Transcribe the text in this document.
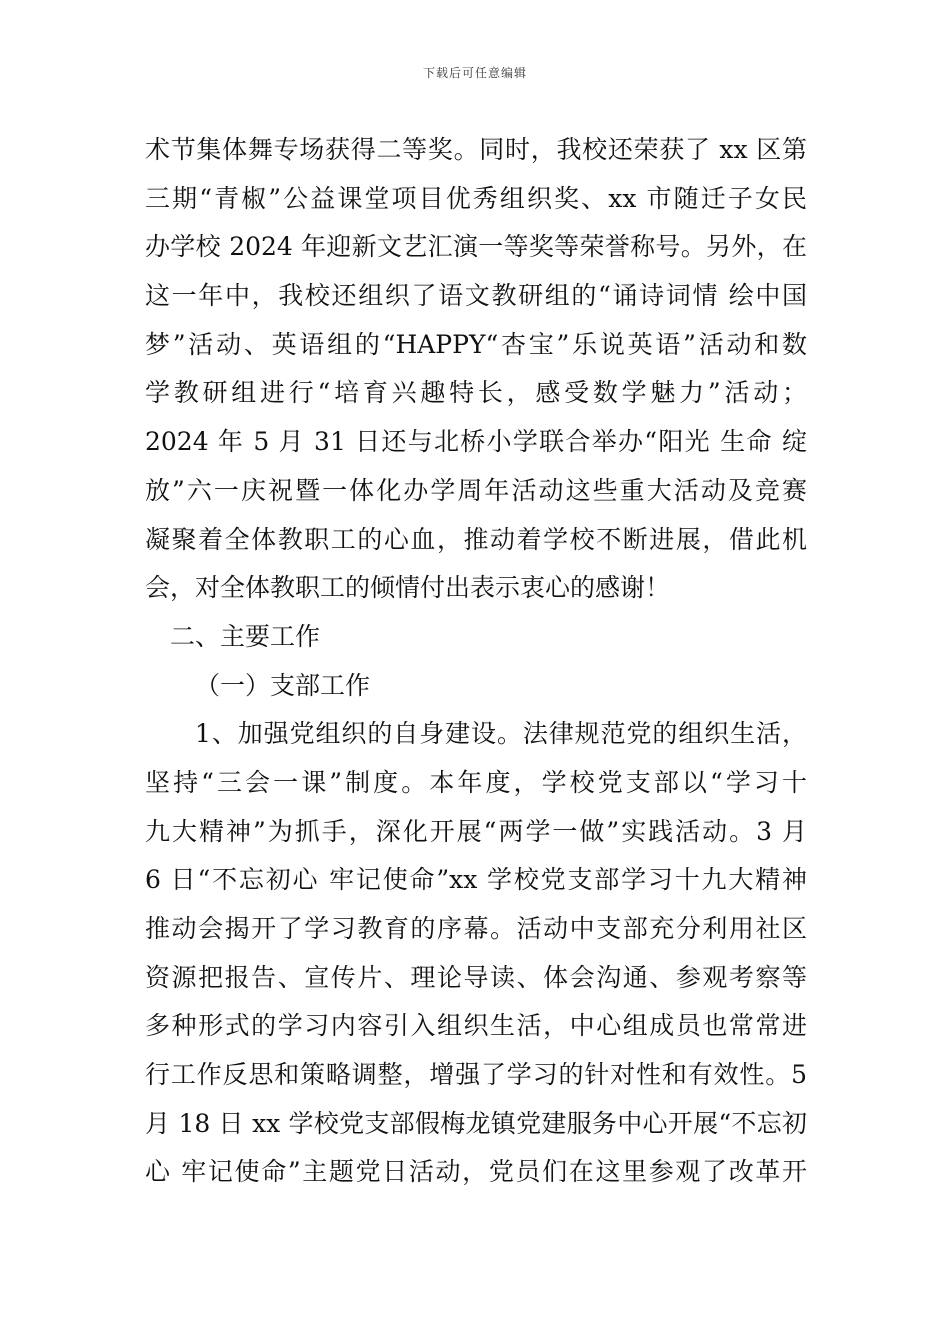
下载后可任意编辑
术节集体舞专场获得二等奖。同时，我校还荣获了 xx 区第
三期“青椒”公益课堂项目优秀组织奖、xx 市随迁子女民
办学校 2024 年迎新文艺汇演一等奖等荣誉称号。另外，在
这一年中，我校还组织了语文教研组的“诵诗词情 绘中国
梦”活动、英语组的“HAPPY“杏宝”乐说英语”活动和数
学教研组进行“培育兴趣特长，感受数学魅力”活动；
2024 年 5 月 31 日还与北桥小学联合举办“阳光 生命 绽
放”六一庆祝暨一体化办学周年活动这些重大活动及竞赛
凝聚着全体教职工的心血，推动着学校不断进展，借此机
会，对全体教职工的倾情付出表示衷心的感谢！
二、主要工作
（一）支部工作
1、加强党组织的自身建设。法律规范党的组织生活，
坚持“三会一课”制度。本年度，学校党支部以“学习十
九大精神”为抓手，深化开展“两学一做”实践活动。3 月
6 日“不忘初心 牢记使命”xx 学校党支部学习十九大精神
推动会揭开了学习教育的序幕。活动中支部充分利用社区
资源把报告、宣传片、理论导读、体会沟通、参观考察等
多种形式的学习内容引入组织生活，中心组成员也常常进
行工作反思和策略调整，增强了学习的针对性和有效性。5
月 18 日 xx 学校党支部假梅龙镇党建服务中心开展“不忘初
心 牢记使命”主题党日活动，党员们在这里参观了改革开
